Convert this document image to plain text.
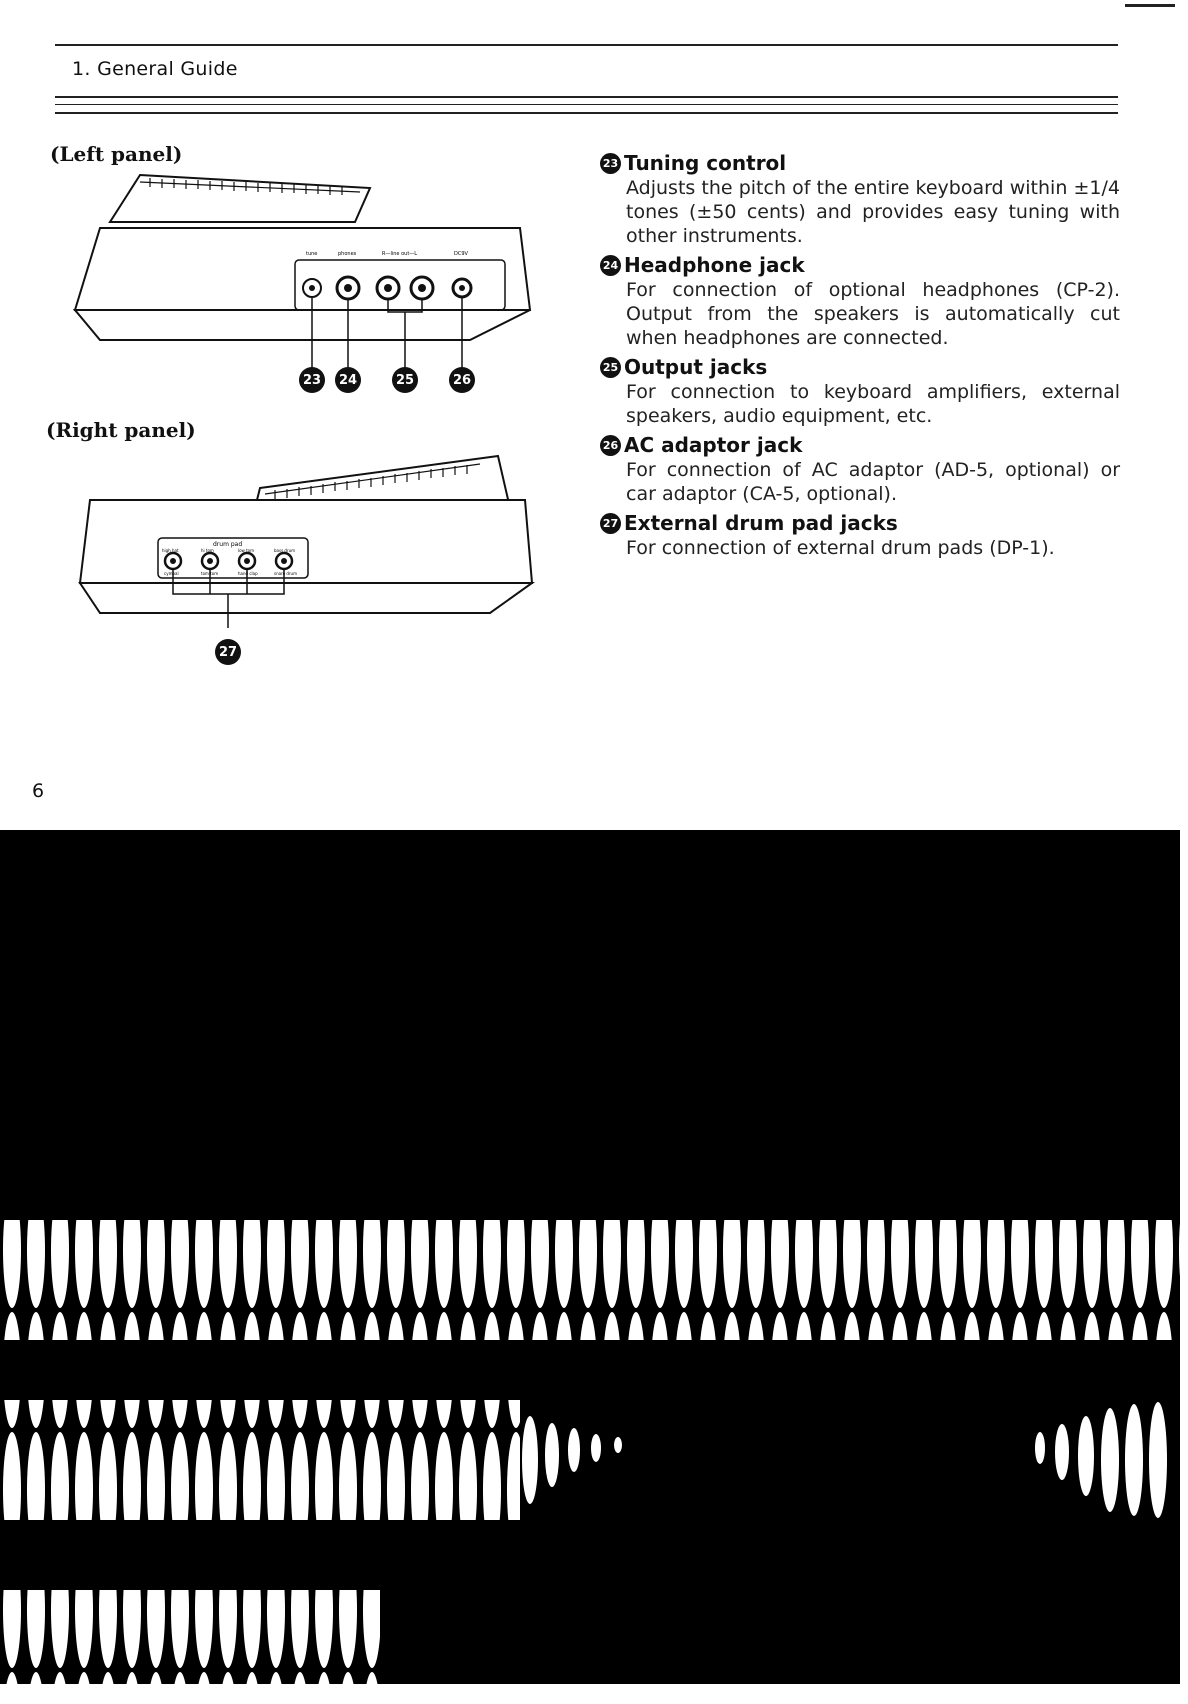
1. General Guide
(Left panel)
tune	phones	R—line out—L	DC9V
23	24	25	26
(Right panel)
drum pad
high hat	hi tom	low tom	bass drum
cymbal	tom tom	hand clap	snare drum
27
23 Tuning control
Adjusts the pitch of the entire keyboard within ±1/4 tones (±50 cents) and provides easy tuning with other instruments.
24 Headphone jack
For connection of optional headphones (CP-2). Output from the speakers is automatically cut when headphones are connected.
25 Output jacks
For connection to keyboard amplifiers, external speakers, audio equipment, etc.
26 AC adaptor jack
For connection of AC adaptor (AD-5, optional) or car adaptor (CA-5, optional).
27 External drum pad jacks
For connection of external drum pads (DP-1).
6
